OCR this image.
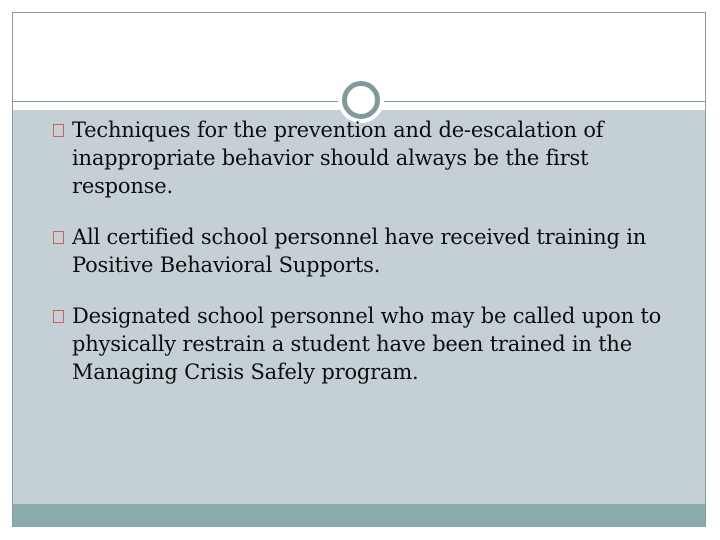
Techniques for the prevention and de-escalation of inappropriate behavior should always be the first response.
All certified school personnel have received training in Positive Behavioral Supports.
Designated school personnel who may be called upon to physically restrain a student have been trained in the Managing Crisis Safely program.
